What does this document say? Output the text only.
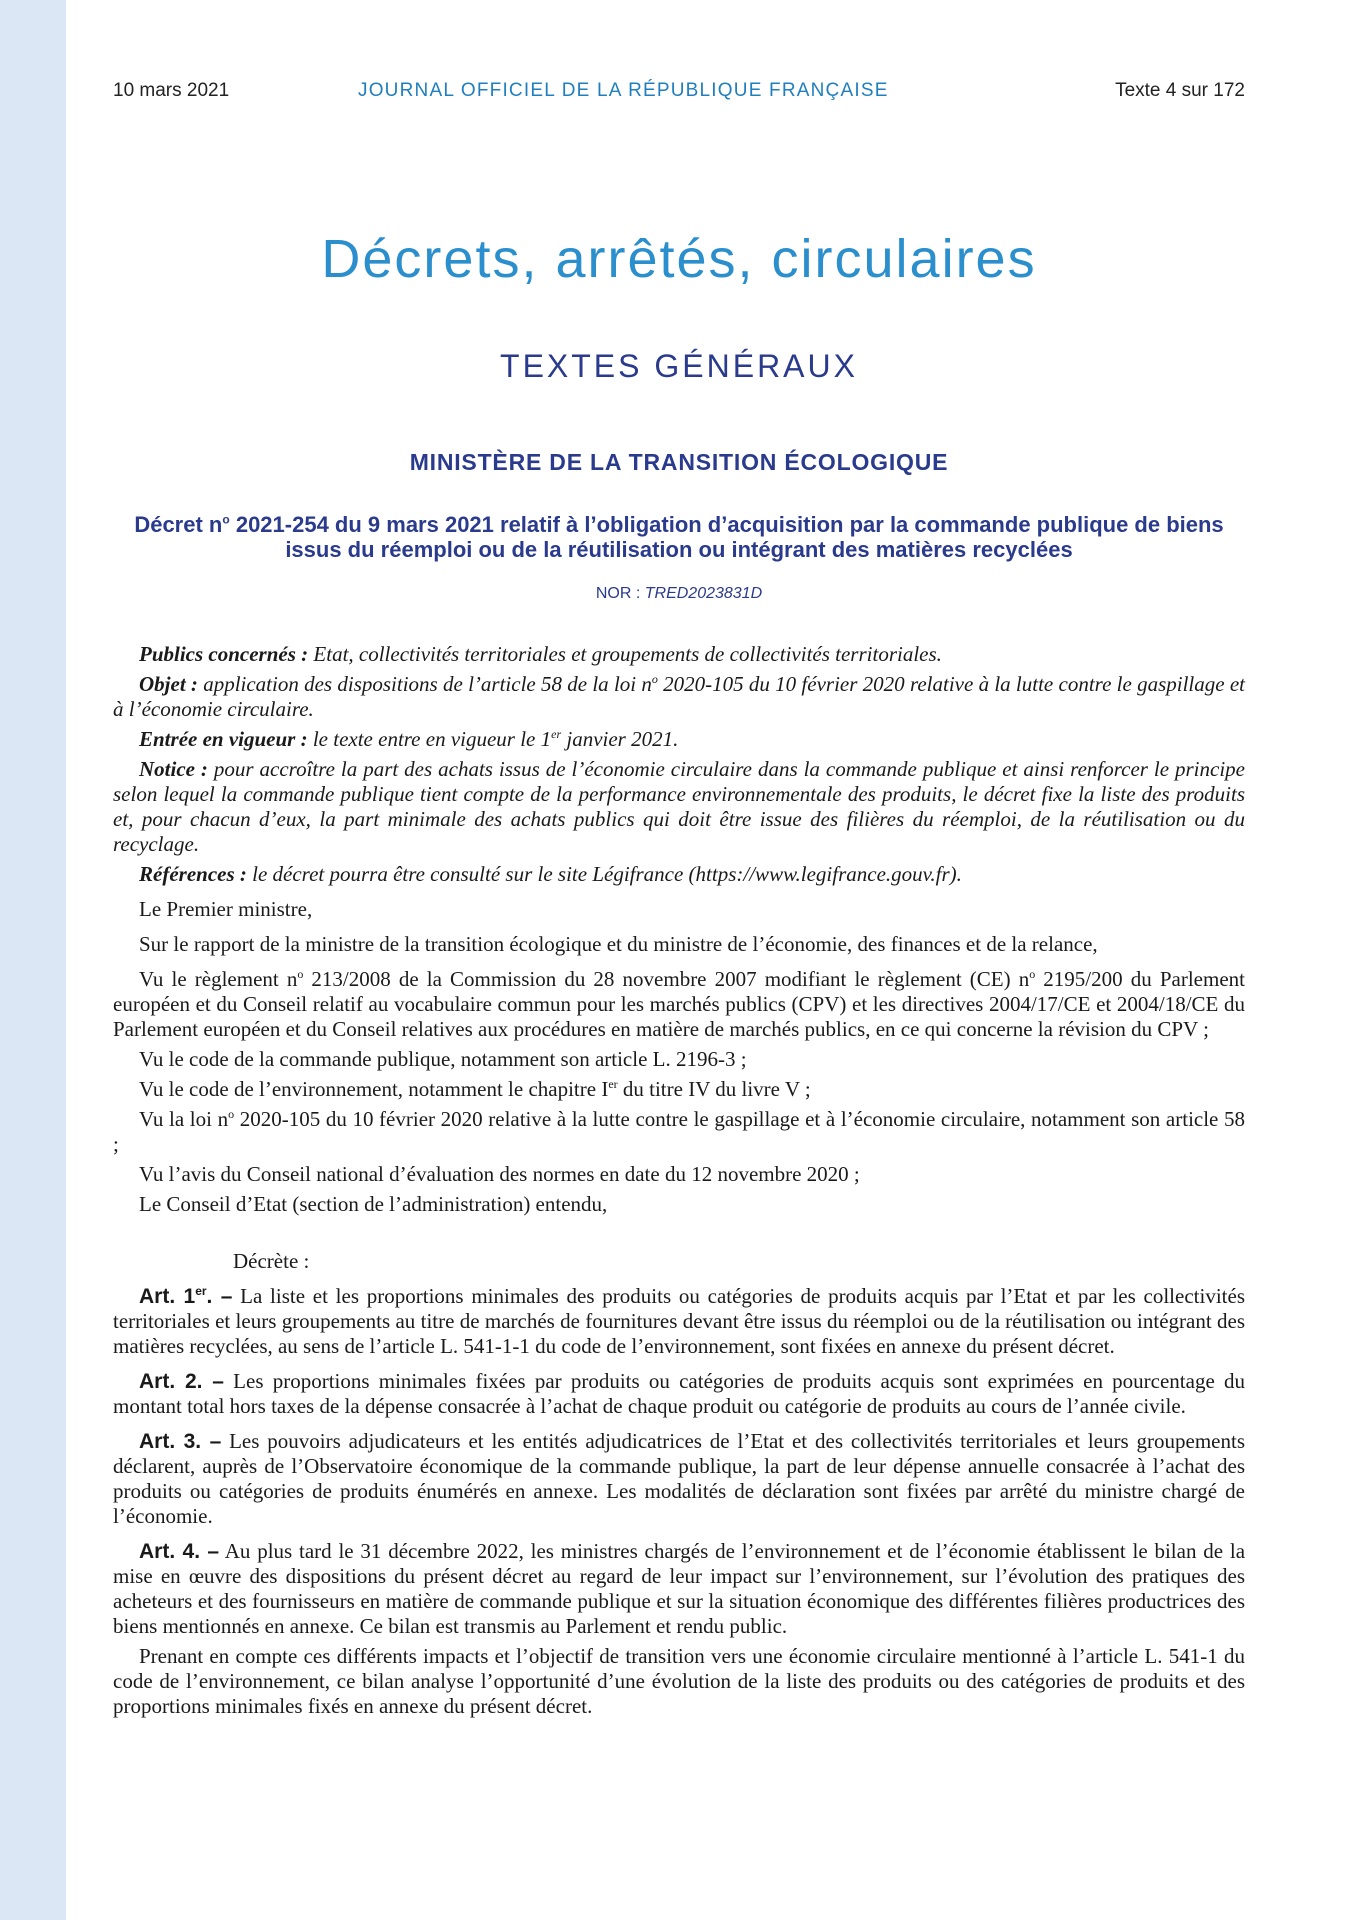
10 mars 2021	JOURNAL OFFICIEL DE LA RÉPUBLIQUE FRANÇAISE	Texte 4 sur 172
Décrets, arrêtés, circulaires
TEXTES GÉNÉRAUX
MINISTÈRE DE LA TRANSITION ÉCOLOGIQUE
Décret $n^o$ 2021-254 du 9 mars 2021 relatif à l’obligation d’acquisition par la commande publique de biens issus du réemploi ou de la réutilisation ou intégrant des matières recyclées
NOR : TRED2023831D

Publics concernés : Etat, collectivités territoriales et groupements de collectivités territoriales.

Objet : application des dispositions de l’article 58 de la loi $n^o$ 2020-105 du 10 février 2020 relative à la lutte contre le gaspillage et à l’économie circulaire.

Entrée en vigueur : le texte entre en vigueur le 1er janvier 2021.

Notice : pour accroître la part des achats issus de l’économie circulaire dans la commande publique et ainsi renforcer le principe selon lequel la commande publique tient compte de la performance environnementale des produits, le décret fixe la liste des produits et, pour chacun d’eux, la part minimale des achats publics qui doit être issue des filières du réemploi, de la réutilisation ou du recyclage.

Références : le décret pourra être consulté sur le site Légifrance (https://www.legifrance.gouv.fr).

Le Premier ministre,

Sur le rapport de la ministre de la transition écologique et du ministre de l’économie, des finances et de la relance,

Vu le règlement $n^o$ 213/2008 de la Commission du 28 novembre 2007 modifiant le règlement (CE) $n^o$ 2195/200 du Parlement européen et du Conseil relatif au vocabulaire commun pour les marchés publics (CPV) et les directives 2004/17/CE et 2004/18/CE du Parlement européen et du Conseil relatives aux procédures en matière de marchés publics, en ce qui concerne la révision du CPV ;

Vu le code de la commande publique, notamment son article L. 2196-3 ;

Vu le code de l’environnement, notamment le chapitre Ier du titre IV du livre V ;

Vu la loi $n^o$ 2020-105 du 10 février 2020 relative à la lutte contre le gaspillage et à l’économie circulaire, notamment son article 58 ;

Vu l’avis du Conseil national d’évaluation des normes en date du 12 novembre 2020 ;

Le Conseil d’Etat (section de l’administration) entendu,

Décrète :

Art. 1er. – La liste et les proportions minimales des produits ou catégories de produits acquis par l’Etat et par les collectivités territoriales et leurs groupements au titre de marchés de fournitures devant être issus du réemploi ou de la réutilisation ou intégrant des matières recyclées, au sens de l’article L. 541-1-1 du code de l’environnement, sont fixées en annexe du présent décret.

Art. 2. – Les proportions minimales fixées par produits ou catégories de produits acquis sont exprimées en pourcentage du montant total hors taxes de la dépense consacrée à l’achat de chaque produit ou catégorie de produits au cours de l’année civile.

Art. 3. – Les pouvoirs adjudicateurs et les entités adjudicatrices de l’Etat et des collectivités territoriales et leurs groupements déclarent, auprès de l’Observatoire économique de la commande publique, la part de leur dépense annuelle consacrée à l’achat des produits ou catégories de produits énumérés en annexe. Les modalités de déclaration sont fixées par arrêté du ministre chargé de l’économie.

Art. 4. – Au plus tard le 31 décembre 2022, les ministres chargés de l’environnement et de l’économie établissent le bilan de la mise en œuvre des dispositions du présent décret au regard de leur impact sur l’environnement, sur l’évolution des pratiques des acheteurs et des fournisseurs en matière de commande publique et sur la situation économique des différentes filières productrices des biens mentionnés en annexe. Ce bilan est transmis au Parlement et rendu public.

Prenant en compte ces différents impacts et l’objectif de transition vers une économie circulaire mentionné à l’article L. 541-1 du code de l’environnement, ce bilan analyse l’opportunité d’une évolution de la liste des produits ou des catégories de produits et des proportions minimales fixés en annexe du présent décret.
